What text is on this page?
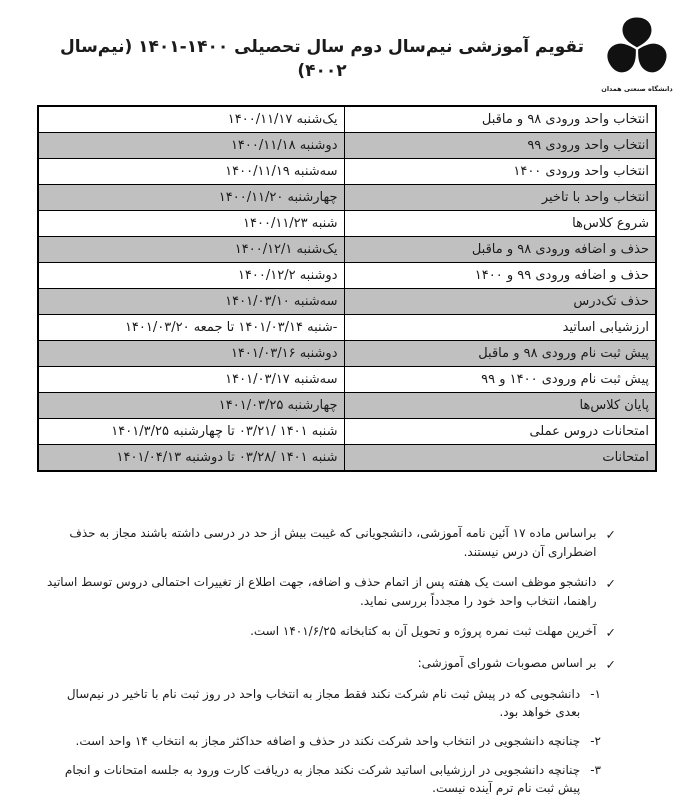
دانشگاه صنعتی همدان
تقویم آموزشی نیم‌سال دوم سال تحصیلی ۱۴۰۰-۱۴۰۱ (نیم‌سال ۴۰۰۲)
انتخاب واحد ورودی ۹۸ و ماقبل	یک‌شنبه ۱۴۰۰/۱۱/۱۷
انتخاب واحد ورودی ۹۹	دوشنبه ۱۴۰۰/۱۱/۱۸
انتخاب واحد ورودی ۱۴۰۰	سه‌شنبه ۱۴۰۰/۱۱/۱۹
انتخاب واحد با تاخیر	چهارشنبه ۱۴۰۰/۱۱/۲۰
شروع کلاس‌ها	شنبه ۱۴۰۰/۱۱/۲۳
حذف و اضافه ورودی ۹۸ و ماقبل	یک‌شنبه ۱۴۰۰/۱۲/۱
حذف و اضافه ورودی ۹۹ و ۱۴۰۰	دوشنبه ۱۴۰۰/۱۲/۲
حذف تک‌درس	سه‌شنبه ۱۴۰۱/۰۳/۱۰
ارزشیابی اساتید	-شنبه ۱۴۰۱/۰۳/۱۴ تا جمعه ۱۴۰۱/۰۳/۲۰
پیش ثبت نام ورودی ۹۸ و ماقبل	دوشنبه ۱۴۰۱/۰۳/۱۶
پیش ثبت نام ورودی ۱۴۰۰ و ۹۹	سه‌شنبه ۱۴۰۱/۰۳/۱۷
پایان کلاس‌ها	چهارشنبه ۱۴۰۱/۰۳/۲۵
امتحانات دروس عملی	شنبه ۱۴۰۱ /۰۳/۲۱ تا چهارشنبه ۱۴۰۱/۳/۲۵
امتحانات	شنبه ۱۴۰۱ /۰۳/۲۸ تا دوشنبه ۱۴۰۱/۰۴/۱۳
✓
براساس ماده ۱۷ آئین نامه آموزشی، دانشجویانی که غیبت بیش از حد در درسی داشته باشند مجاز به حذف اضطراری آن درس نیستند.
✓
دانشجو موظف است یک هفته پس از اتمام حذف و اضافه، جهت اطلاع از تغییرات احتمالی دروس توسط اساتید راهنما، انتخاب واحد خود را مجدداً بررسی نماید.
✓
آخرین مهلت ثبت نمره پروژه و تحویل آن به کتابخانه ۱۴۰۱/۶/۲۵ است.
✓
بر اساس مصوبات شورای آموزشی:
۱-
دانشجویی که در پیش ثبت نام شرکت نکند فقط مجاز به انتخاب واحد در روز ثبت نام با تاخیر در نیم‌سال بعدی خواهد بود.
۲-
چنانچه دانشجویی در انتخاب واحد شرکت نکند در حذف و اضافه حداکثر مجاز به انتخاب ۱۴ واحد است.
۳-
چنانچه دانشجویی در ارزشیابی اساتید شرکت نکند مجاز به دریافت کارت ورود به جلسه امتحانات و انجام پیش ثبت نام ترم آینده نیست.
